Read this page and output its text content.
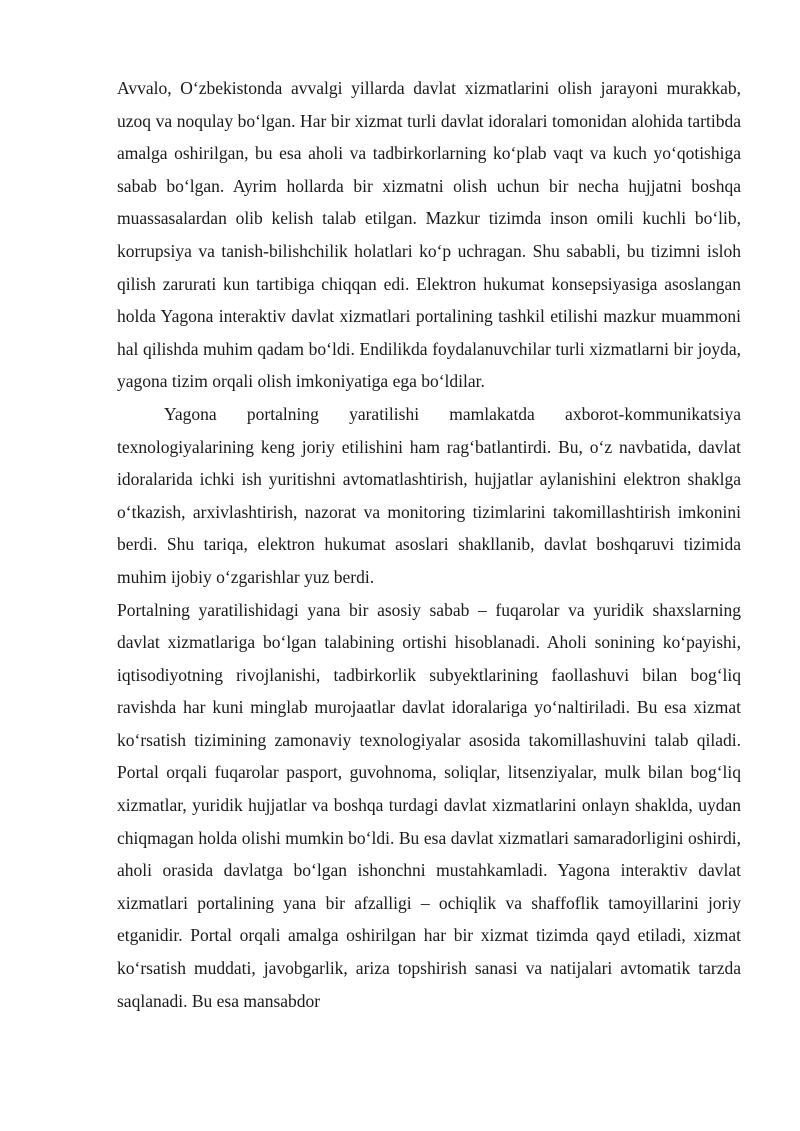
Avvalo, O‘zbekistonda avvalgi yillarda davlat xizmatlarini olish jarayoni murakkab, uzoq va noqulay bo‘lgan. Har bir xizmat turli davlat idoralari tomonidan alohida tartibda amalga oshirilgan, bu esa aholi va tadbirkorlarning ko‘plab vaqt va kuch yo‘qotishiga sabab bo‘lgan. Ayrim hollarda bir xizmatni olish uchun bir necha hujjatni boshqa muassasalardan olib kelish talab etilgan. Mazkur tizimda inson omili kuchli bo‘lib, korrupsiya va tanish-bilishchilik holatlari ko‘p uchragan. Shu sababli, bu tizimni isloh qilish zarurati kun tartibiga chiqqan edi. Elektron hukumat konsepsiyasiga asoslangan holda Yagona interaktiv davlat xizmatlari portalining tashkil etilishi mazkur muammoni hal qilishda muhim qadam bo‘ldi. Endilikda foydalanuvchilar turli xizmatlarni bir joyda, yagona tizim orqali olish imkoniyatiga ega bo‘ldilar.

Yagona portalning yaratilishi mamlakatda axborot-kommunikatsiya texnologiyalarining keng joriy etilishini ham rag‘batlantirdi. Bu, o‘z navbatida, davlat idoralarida ichki ish yuritishni avtomatlashtirish, hujjatlar aylanishini elektron shaklga o‘tkazish, arxivlashtirish, nazorat va monitoring tizimlarini takomillashtirish imkonini berdi. Shu tariqa, elektron hukumat asoslari shakllanib, davlat boshqaruvi tizimida muhim ijobiy o‘zgarishlar yuz berdi.

Portalning yaratilishidagi yana bir asosiy sabab – fuqarolar va yuridik shaxslarning davlat xizmatlariga bo‘lgan talabining ortishi hisoblanadi. Aholi sonining ko‘payishi, iqtisodiyotning rivojlanishi, tadbirkorlik subyektlarining faollashuvi bilan bog‘liq ravishda har kuni minglab murojaatlar davlat idoralariga yo‘naltiriladi. Bu esa xizmat ko‘rsatish tizimining zamonaviy texnologiyalar asosida takomillashuvini talab qiladi. Portal orqali fuqarolar pasport, guvohnoma, soliqlar, litsenziyalar, mulk bilan bog‘liq xizmatlar, yuridik hujjatlar va boshqa turdagi davlat xizmatlarini onlayn shaklda, uydan chiqmagan holda olishi mumkin bo‘ldi. Bu esa davlat xizmatlari samaradorligini oshirdi, aholi orasida davlatga bo‘lgan ishonchni mustahkamladi. Yagona interaktiv davlat xizmatlari portalining yana bir afzalligi – ochiqlik va shaffoflik tamoyillarini joriy etganidir. Portal orqali amalga oshirilgan har bir xizmat tizimda qayd etiladi, xizmat ko‘rsatish muddati, javobgarlik, ariza topshirish sanasi va natijalari avtomatik tarzda saqlanadi. Bu esa mansabdor
